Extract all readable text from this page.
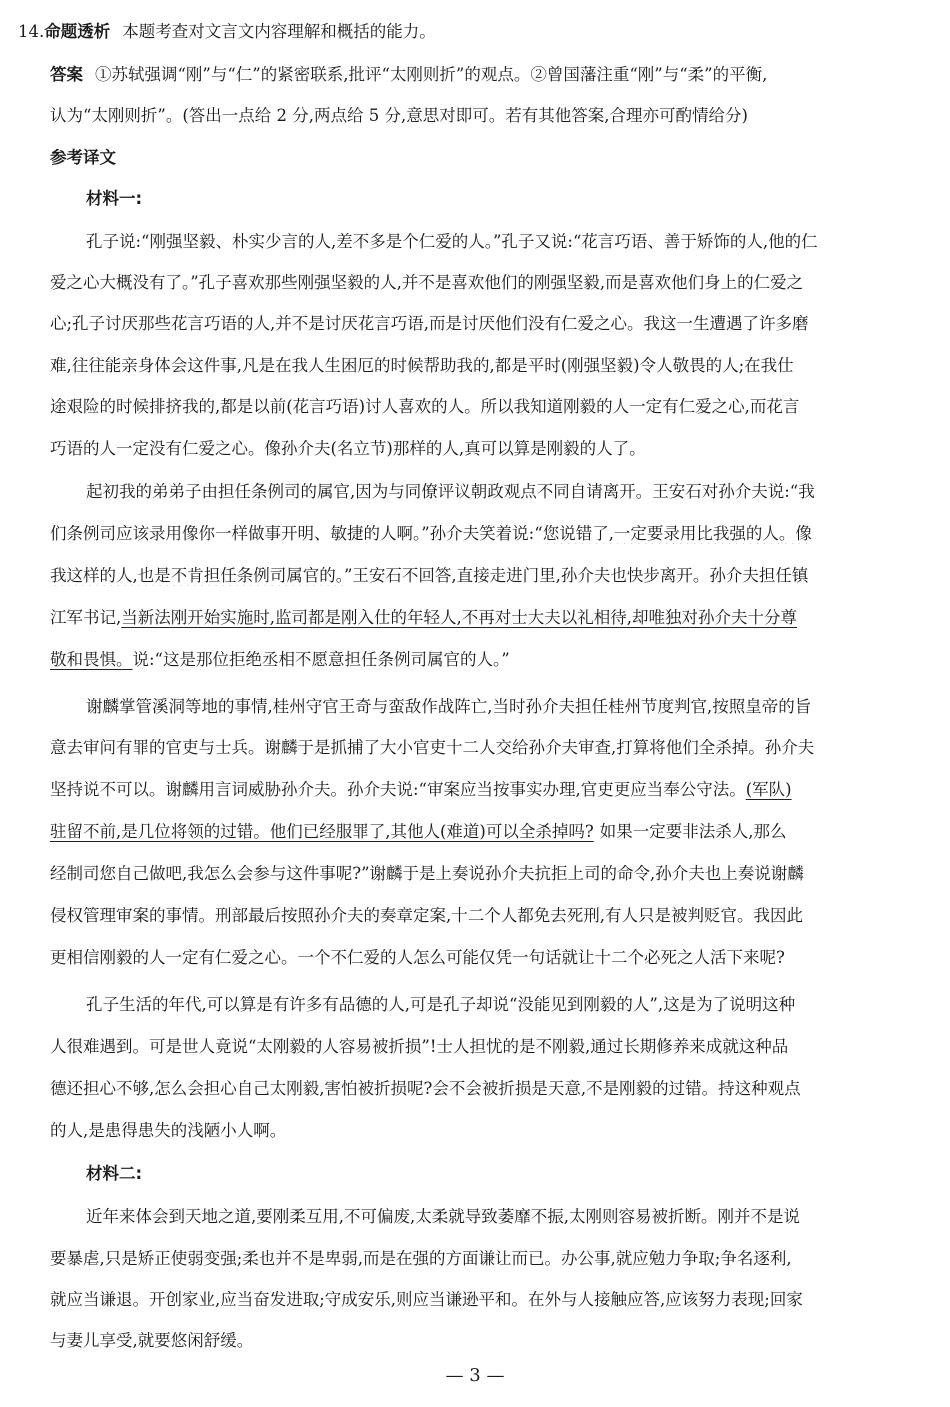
14.命题透析 本题考查对文言文内容理解和概括的能力。

答案 ①苏轼强调“刚”与“仁”的紧密联系,批评“太刚则折”的观点。②曾国藩注重“刚”与“柔”的平衡,

认为“太刚则折”。(答出一点给 2 分,两点给 5 分,意思对即可。若有其他答案,合理亦可酌情给分)

参考译文

材料一:

孔子说:“刚强坚毅、朴实少言的人,差不多是个仁爱的人。”孔子又说:“花言巧语、善于矫饰的人,他的仁

爱之心大概没有了。”孔子喜欢那些刚强坚毅的人,并不是喜欢他们的刚强坚毅,而是喜欢他们身上的仁爱之

心;孔子讨厌那些花言巧语的人,并不是讨厌花言巧语,而是讨厌他们没有仁爱之心。我这一生遭遇了许多磨

难,往往能亲身体会这件事,凡是在我人生困厄的时候帮助我的,都是平时(刚强坚毅)令人敬畏的人;在我仕

途艰险的时候排挤我的,都是以前(花言巧语)讨人喜欢的人。所以我知道刚毅的人一定有仁爱之心,而花言

巧语的人一定没有仁爱之心。像孙介夫(名立节)那样的人,真可以算是刚毅的人了。

起初我的弟弟子由担任条例司的属官,因为与同僚评议朝政观点不同自请离开。王安石对孙介夫说:“我

们条例司应该录用像你一样做事开明、敏捷的人啊。”孙介夫笑着说:“您说错了,一定要录用比我强的人。像

我这样的人,也是不肯担任条例司属官的。”王安石不回答,直接走进门里,孙介夫也快步离开。孙介夫担任镇

江军书记,当新法刚开始实施时,监司都是刚入仕的年轻人,不再对士大夫以礼相待,却唯独对孙介夫十分尊

敬和畏惧。说:“这是那位拒绝丞相不愿意担任条例司属官的人。”

谢麟掌管溪洞等地的事情,桂州守官王奇与蛮敌作战阵亡,当时孙介夫担任桂州节度判官,按照皇帝的旨

意去审问有罪的官吏与士兵。谢麟于是抓捕了大小官吏十二人交给孙介夫审查,打算将他们全杀掉。孙介夫

坚持说不可以。谢麟用言词威胁孙介夫。孙介夫说:“审案应当按事实办理,官吏更应当奉公守法。(军队)

驻留不前,是几位将领的过错。他们已经服罪了,其他人(难道)可以全杀掉吗? 如果一定要非法杀人,那么

经制司您自己做吧,我怎么会参与这件事呢?”谢麟于是上奏说孙介夫抗拒上司的命令,孙介夫也上奏说谢麟

侵权管理审案的事情。刑部最后按照孙介夫的奏章定案,十二个人都免去死刑,有人只是被判贬官。我因此

更相信刚毅的人一定有仁爱之心。一个不仁爱的人怎么可能仅凭一句话就让十二个必死之人活下来呢?

孔子生活的年代,可以算是有许多有品德的人,可是孔子却说“没能见到刚毅的人”,这是为了说明这种

人很难遇到。可是世人竟说“太刚毅的人容易被折损”!士人担忧的是不刚毅,通过长期修养来成就这种品

德还担心不够,怎么会担心自己太刚毅,害怕被折损呢?会不会被折损是天意,不是刚毅的过错。持这种观点

的人,是患得患失的浅陋小人啊。

材料二:

近年来体会到天地之道,要刚柔互用,不可偏废,太柔就导致萎靡不振,太刚则容易被折断。刚并不是说

要暴虐,只是矫正使弱变强;柔也并不是卑弱,而是在强的方面谦让而已。办公事,就应勉力争取;争名逐利,

就应当谦退。开创家业,应当奋发进取;守成安乐,则应当谦逊平和。在外与人接触应答,应该努力表现;回家

与妻儿享受,就要悠闲舒缓。

— 3 —
